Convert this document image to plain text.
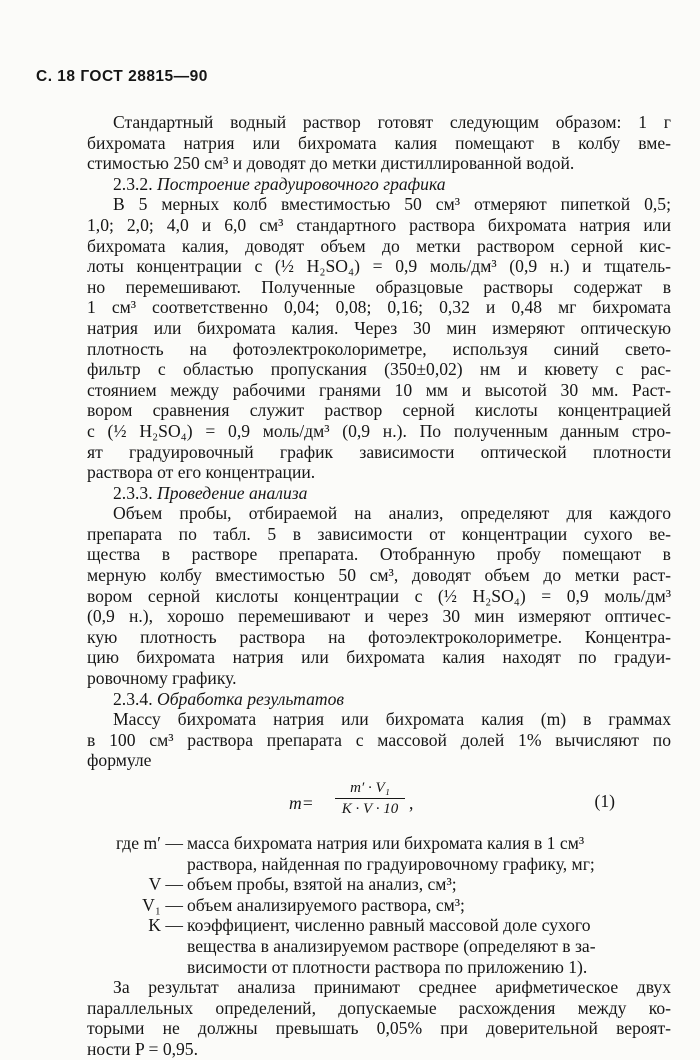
С. 18 ГОСТ 28815—90
Стандартный водный раствор готовят следующим образом: 1 г
бихромата натрия или бихромата калия помещают в колбу вме-
стимостью 250 см³ и доводят до метки дистиллированной водой.
2.3.2. Построение градуировочного графика
В 5 мерных колб вместимостью 50 см³ отмеряют пипеткой 0,5;
1,0; 2,0; 4,0 и 6,0 см³ стандартного раствора бихромата натрия или
бихромата калия, доводят объем до метки раствором серной кис-
лоты концентрации c (½ H₂SO₄) = 0,9 моль/дм³ (0,9 н.) и тщатель-
но перемешивают. Полученные образцовые растворы содержат в
1 см³ соответственно 0,04; 0,08; 0,16; 0,32 и 0,48 мг бихромата
натрия или бихромата калия. Через 30 мин измеряют оптическую
плотность на фотоэлектроколориметре, используя синий свето-
фильтр с областью пропускания (350±0,02) нм и кювету с рас-
стоянием между рабочими гранями 10 мм и высотой 30 мм. Раст-
вором сравнения служит раствор серной кислоты концентрацией
c (½ H₂SO₄) = 0,9 моль/дм³ (0,9 н.). По полученным данным стро-
ят градуировочный график зависимости оптической плотности
раствора от его концентрации.
2.3.3. Проведение анализа
Объем пробы, отбираемой на анализ, определяют для каждого
препарата по табл. 5 в зависимости от концентрации сухого ве-
щества в растворе препарата. Отобранную пробу помещают в
мерную колбу вместимостью 50 см³, доводят объем до метки раст-
вором серной кислоты концентрации c (½ H₂SO₄) = 0,9 моль/дм³
(0,9 н.), хорошо перемешивают и через 30 мин измеряют оптичес-
кую плотность раствора на фотоэлектроколориметре. Концентра-
цию бихромата натрия или бихромата калия находят по градуи-
ровочному графику.
2.3.4. Обработка результатов
Массу бихромата натрия или бихромата калия (m) в граммах
в 100 см³ раствора препарата с массовой долей 1% вычисляют по
формуле
m=
m′ · V₁
K · V · 10 ,	(1)
где m′ — масса бихромата натрия или бихромата калия в 1 см³
раствора, найденная по градуировочному графику, мг;
V — объем пробы, взятой на анализ, см³;
V₁ — объем анализируемого раствора, см³;
K — коэффициент, численно равный массовой доле сухого
вещества в анализируемом растворе (определяют в за-
висимости от плотности раствора по приложению 1).
За результат анализа принимают среднее арифметическое двух
параллельных определений, допускаемые расхождения между ко-
торыми не должны превышать 0,05% при доверительной вероят-
ности P = 0,95.
